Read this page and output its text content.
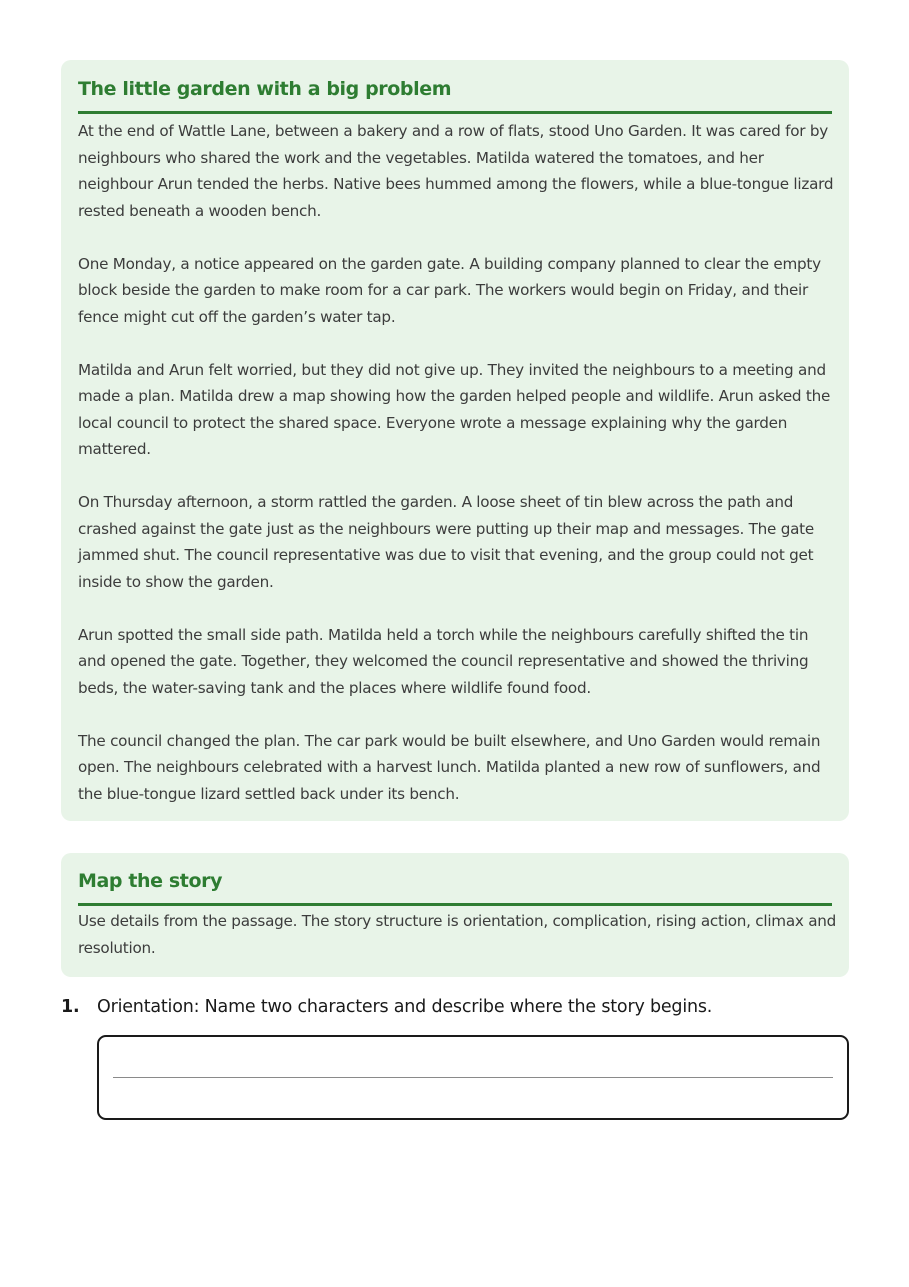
The little garden with a big problem

At the end of Wattle Lane, between a bakery and a row of flats, stood Uno Garden. It was cared for by neighbours who shared the work and the vegetables. Matilda watered the tomatoes, and her neighbour Arun tended the herbs. Native bees hummed among the flowers, while a blue-tongue lizard rested beneath a wooden bench.

One Monday, a notice appeared on the garden gate. A building company planned to clear the empty block beside the garden to make room for a car park. The workers would begin on Friday, and their fence might cut off the garden’s water tap.

Matilda and Arun felt worried, but they did not give up. They invited the neighbours to a meeting and made a plan. Matilda drew a map showing how the garden helped people and wildlife. Arun asked the local council to protect the shared space. Everyone wrote a message explaining why the garden mattered.

On Thursday afternoon, a storm rattled the garden. A loose sheet of tin blew across the path and crashed against the gate just as the neighbours were putting up their map and messages. The gate jammed shut. The council representative was due to visit that evening, and the group could not get inside to show the garden.

Arun spotted the small side path. Matilda held a torch while the neighbours carefully shifted the tin and opened the gate. Together, they welcomed the council representative and showed the thriving beds, the water-saving tank and the places where wildlife found food.

The council changed the plan. The car park would be built elsewhere, and Uno Garden would remain open. The neighbours celebrated with a harvest lunch. Matilda planted a new row of sunflowers, and the blue-tongue lizard settled back under its bench.

Map the story

Use details from the passage. The story structure is orientation, complication, rising action, climax and resolution.

1. Orientation: Name two characters and describe where the story begins.
